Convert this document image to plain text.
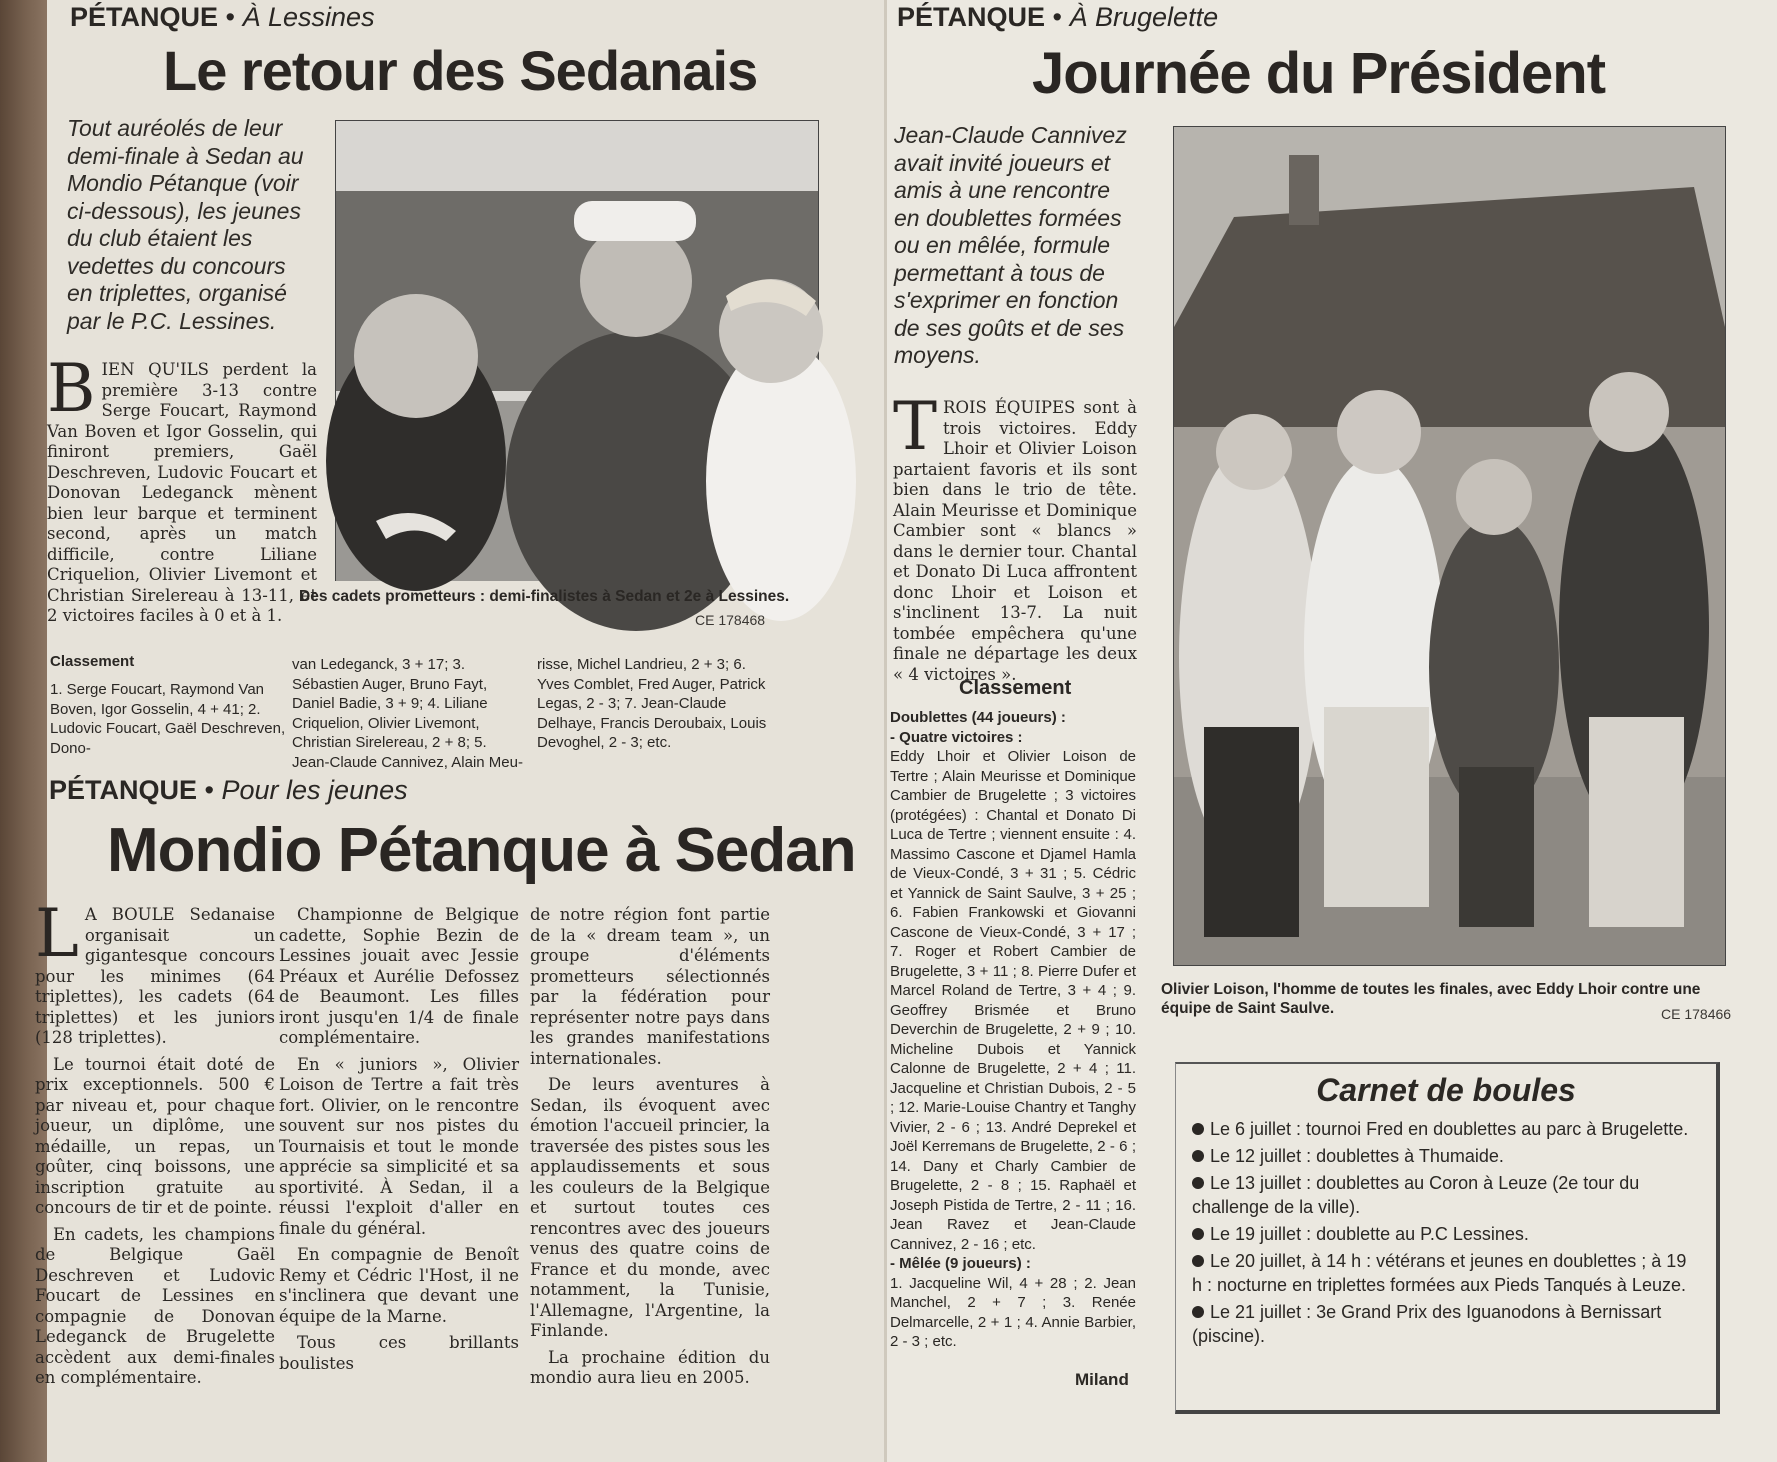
PÉTANQUE • À Lessines
Le retour des Sedanais
Tout auréolés de leur demi-finale à Sedan au Mondio Pétanque (voir ci-dessous), les jeunes du club étaient les vedettes du concours en triplettes, organisé par le P.C. Lessines.
B IEN QU'ILS perdent la première 3-13 contre Serge Foucart, Raymond Van Boven et Igor Gosselin, qui finiront premiers, Gaël Deschreven, Ludovic Foucart et Donovan Ledeganck mènent bien leur barque et terminent second, après un match difficile, contre Liliane Criquelion, Olivier Livemont et Christian Sirelereau à 13-11, et 2 victoires faciles à 0 et à 1.
Des cadets prometteurs : demi-finalistes à Sedan et 2e à Lessines.
CE 178468
Classement
1. Serge Foucart, Raymond Van Boven, Igor Gosselin, 4 + 41; 2. Ludovic Foucart, Gaël Deschreven, Dono-
van Ledeganck, 3 + 17; 3. Sébastien Auger, Bruno Fayt, Daniel Badie, 3 + 9; 4. Liliane Criquelion, Olivier Livemont, Christian Sirelereau, 2 + 8; 5. Jean-Claude Cannivez, Alain Meu-
risse, Michel Landrieu, 2 + 3; 6. Yves Comblet, Fred Auger, Patrick Legas, 2 - 3; 7. Jean-Claude Delhaye, Francis Deroubaix, Louis Devoghel, 2 - 3; etc.
PÉTANQUE • Pour les jeunes
Mondio Pétanque à Sedan
L A BOULE Sedanaise organisait un gigantesque concours pour les minimes (64 triplettes), les cadets (64 triplettes) et les juniors (128 triplettes).

Le tournoi était doté de prix exceptionnels. 500 € par niveau et, pour chaque joueur, un diplôme, une médaille, un repas, un goûter, cinq boissons, une inscription gratuite au concours de tir et de pointe.

En cadets, les champions de Belgique Gaël Deschreven et Ludovic Foucart de Lessines en compagnie de Donovan Ledeganck de Brugelette accèdent aux demi-finales en complémentaire.

Championne de Belgique cadette, Sophie Bezin de Lessines jouait avec Jessie Préaux et Aurélie Defossez de Beaumont. Les filles iront jusqu'en 1/4 de finale complémentaire.

En « juniors », Olivier Loison de Tertre a fait très fort. Olivier, on le rencontre souvent sur nos pistes du Tournaisis et tout le monde apprécie sa simplicité et sa sportivité. À Sedan, il a réussi l'exploit d'aller en finale du général.

En compagnie de Benoît Remy et Cédric l'Host, il ne s'inclinera que devant une équipe de la Marne.

Tous ces brillants boulistes

de notre région font partie de la « dream team », un groupe d'éléments prometteurs sélectionnés par la fédération pour représenter notre pays dans les grandes manifestations internationales.

De leurs aventures à Sedan, ils évoquent avec émotion l'accueil princier, la traversée des pistes sous les applaudissements et sous les couleurs de la Belgique et surtout toutes ces rencontres avec des joueurs venus des quatre coins de France et du monde, avec notamment, la Tunisie, l'Allemagne, l'Argentine, la Finlande.

La prochaine édition du mondio aura lieu en 2005.

PÉTANQUE • À Brugelette
Journée du Président
Jean-Claude Cannivez avait invité joueurs et amis à une rencontre en doublettes formées ou en mêlée, formule permettant à tous de s'exprimer en fonction de ses goûts et de ses moyens.
T ROIS ÉQUIPES sont à trois victoires. Eddy Lhoir et Olivier Loison partaient favoris et ils sont bien dans le trio de tête. Alain Meurisse et Dominique Cambier sont « blancs » dans le dernier tour. Chantal et Donato Di Luca affrontent donc Lhoir et Loison et s'inclinent 13-7. La nuit tombée empêchera qu'une finale ne départage les deux « 4 victoires ».
Classement
Doublettes (44 joueurs) :
- Quatre victoires :
Eddy Lhoir et Olivier Loison de Tertre ; Alain Meurisse et Dominique Cambier de Brugelette ; 3 victoires (protégées) : Chantal et Donato Di Luca de Tertre ; viennent ensuite : 4. Massimo Cascone et Djamel Hamla de Vieux-Condé, 3 + 31 ; 5. Cédric et Yannick de Saint Saulve, 3 + 25 ; 6. Fabien Frankowski et Giovanni Cascone de Vieux-Condé, 3 + 17 ; 7. Roger et Robert Cambier de Brugelette, 3 + 11 ; 8. Pierre Dufer et Marcel Roland de Tertre, 3 + 4 ; 9. Geoffrey Brismée et Bruno Deverchin de Brugelette, 2 + 9 ; 10. Micheline Dubois et Yannick Calonne de Brugelette, 2 + 4 ; 11. Jacqueline et Christian Dubois, 2 - 5 ; 12. Marie-Louise Chantry et Tanghy Vivier, 2 - 6 ; 13. André Deprekel et Joël Kerremans de Brugelette, 2 - 6 ; 14. Dany et Charly Cambier de Brugelette, 2 - 8 ; 15. Raphaël et Joseph Pistida de Tertre, 2 - 11 ; 16. Jean Ravez et Jean-Claude Cannivez, 2 - 16 ; etc.
- Mêlée (9 joueurs) :
1. Jacqueline Wil, 4 + 28 ; 2. Jean Manchel, 2 + 7 ; 3. Renée Delmarcelle, 2 + 1 ; 4. Annie Barbier, 2 - 3 ; etc.
Miland
Olivier Loison, l'homme de toutes les finales, avec Eddy Lhoir contre une équipe de Saint Saulve.	CE 178466
Carnet de boules
Le 6 juillet : tournoi Fred en doublettes au parc à Brugelette.
Le 12 juillet : doublettes à Thumaide.
Le 13 juillet : doublettes au Coron à Leuze (2e tour du challenge de la ville).
Le 19 juillet : doublette au P.C Lessines.
Le 20 juillet, à 14 h : vétérans et jeunes en doublettes ; à 19 h : nocturne en triplettes formées aux Pieds Tanqués à Leuze.
Le 21 juillet : 3e Grand Prix des Iguanodons à Bernissart (piscine).
